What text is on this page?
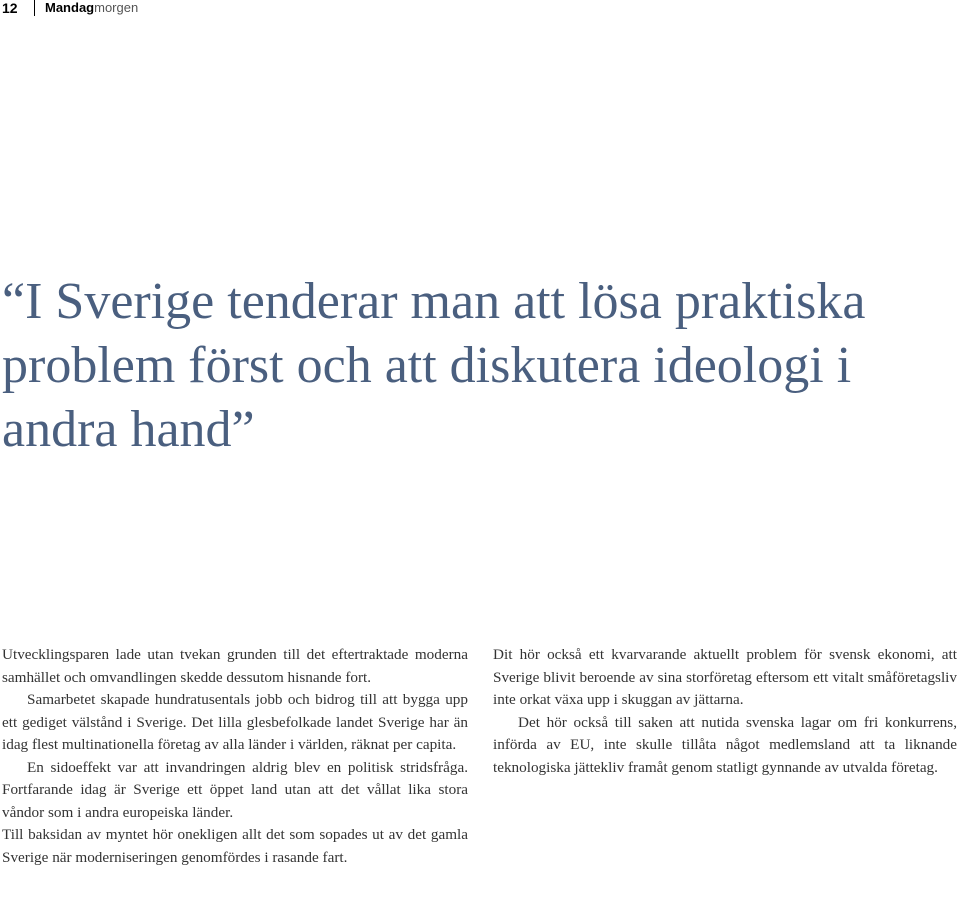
12	Mandagmorgen
“I Sverige tenderar man att lösa praktiska problem först och att diskutera ideologi i andra hand”

Utvecklingsparen lade utan tvekan grunden till det eftertraktade moderna samhället och omvandlingen skedde dessutom hisnande fort.

Samarbetet skapade hundratusentals jobb och bidrog till att bygga upp ett gediget välstånd i Sverige. Det lilla glesbefolkade landet Sverige har än idag flest multinationella företag av alla länder i världen, räknat per capita.

En sidoeffekt var att invandringen aldrig blev en politisk stridsfråga. Fortfarande idag är Sverige ett öppet land utan att det vållat lika stora våndor som i andra europeiska länder.

Till baksidan av myntet hör onekligen allt det som sopades ut av det gamla Sverige när moderniseringen genomfördes i rasande fart.

Dit hör också ett kvarvarande aktuellt problem för svensk ekonomi, att Sverige blivit beroende av sina storföretag eftersom ett vitalt småföretagsliv inte orkat växa upp i skuggan av jättarna.

Det hör också till saken att nutida svenska lagar om fri konkurrens, införda av EU, inte skulle tillåta något medlemsland att ta liknande teknologiska jättekliv framåt genom statligt gynnande av utvalda företag.
